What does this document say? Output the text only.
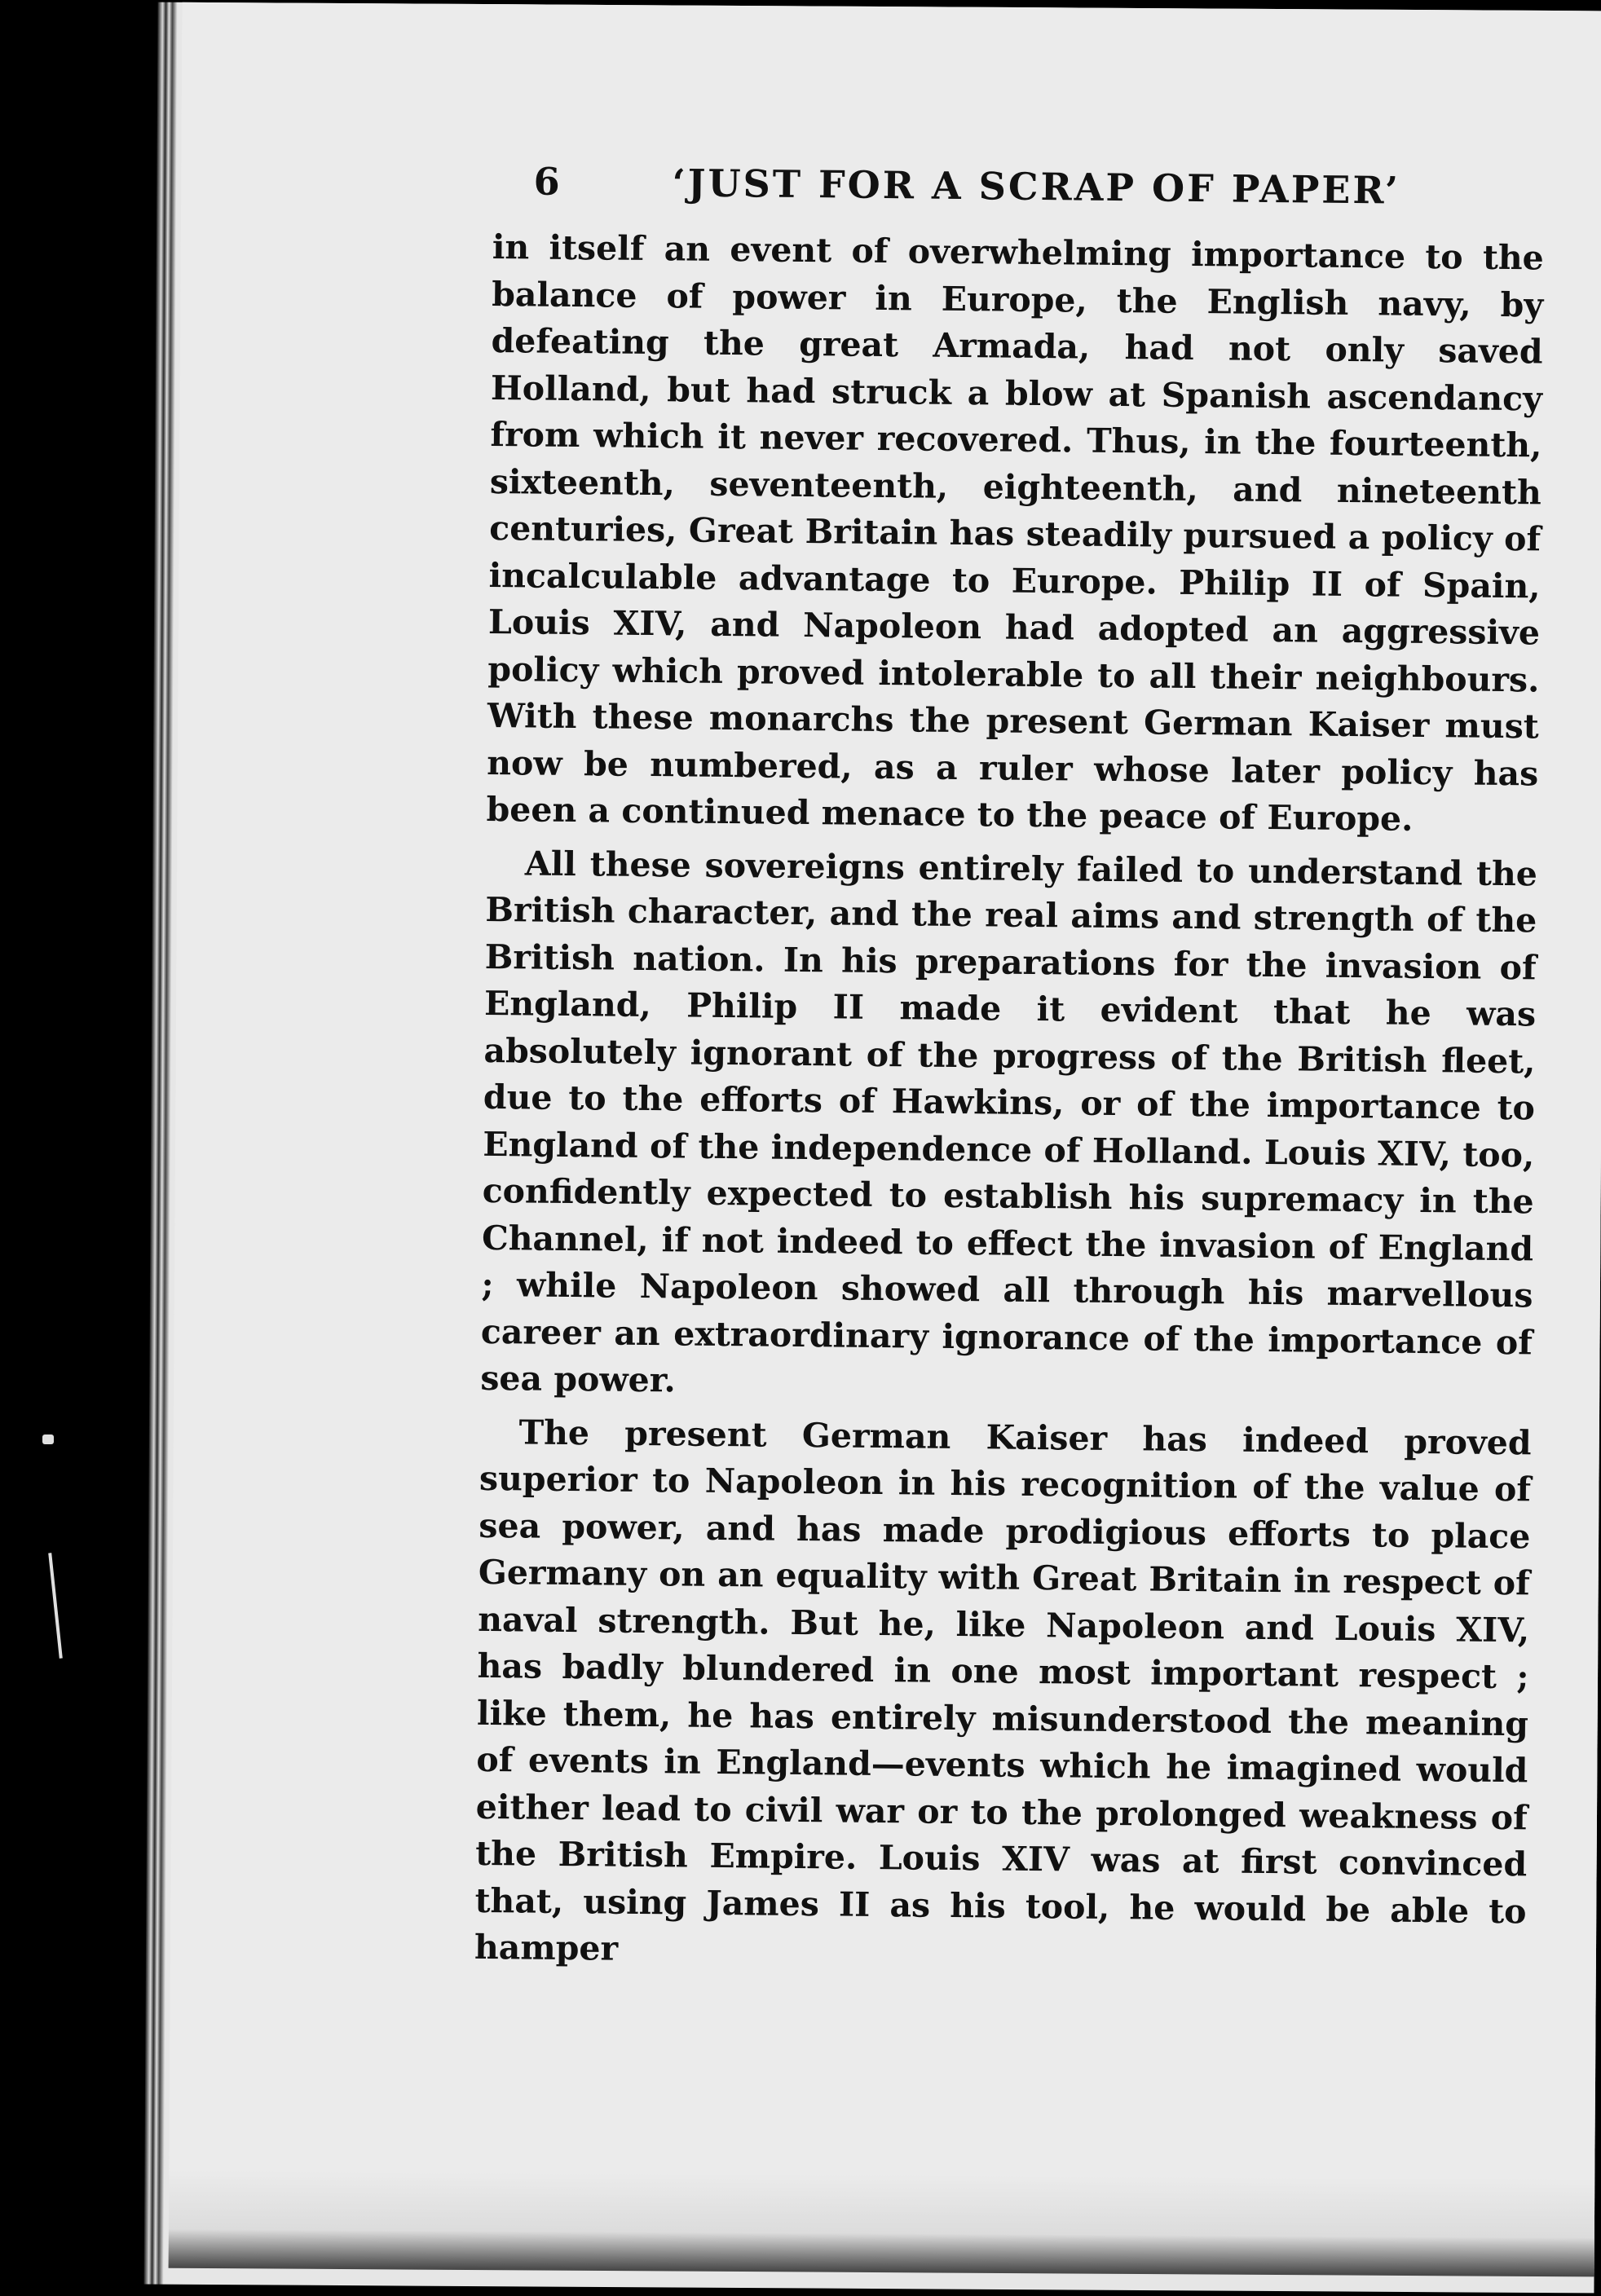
6	‘JUST FOR A SCRAP OF PAPER’

in itself an event of overwhelming importance to the balance of power in Europe, the English navy, by defeating the great Armada, had not only saved Holland, but had struck a blow at Spanish ascendancy from which it never recovered. Thus, in the fourteenth, sixteenth, seventeenth, eighteenth, and nineteenth centuries, Great Britain has steadily pursued a policy of incalculable advantage to Europe. Philip II of Spain, Louis XIV, and Napoleon had adopted an aggressive policy which proved intolerable to all their neighbours. With these monarchs the present German Kaiser must now be numbered, as a ruler whose later policy has been a continued menace to the peace of Europe.

All these sovereigns entirely failed to understand the British character, and the real aims and strength of the British nation. In his preparations for the invasion of England, Philip II made it evident that he was absolutely ignorant of the progress of the British fleet, due to the efforts of Hawkins, or of the importance to England of the independence of Holland. Louis XIV, too, confidently expected to establish his supremacy in the Channel, if not indeed to effect the invasion of England ; while Napoleon showed all through his marvellous career an extraordinary ignorance of the importance of sea power.

The present German Kaiser has indeed proved superior to Napoleon in his recognition of the value of sea power, and has made prodigious efforts to place Germany on an equality with Great Britain in respect of naval strength. But he, like Napoleon and Louis XIV, has badly blundered in one most important respect ; like them, he has entirely misunderstood the meaning of events in England—events which he imagined would either lead to civil war or to the prolonged weakness of the British Empire. Louis XIV was at first convinced that, using James II as his tool, he would be able to hamper
